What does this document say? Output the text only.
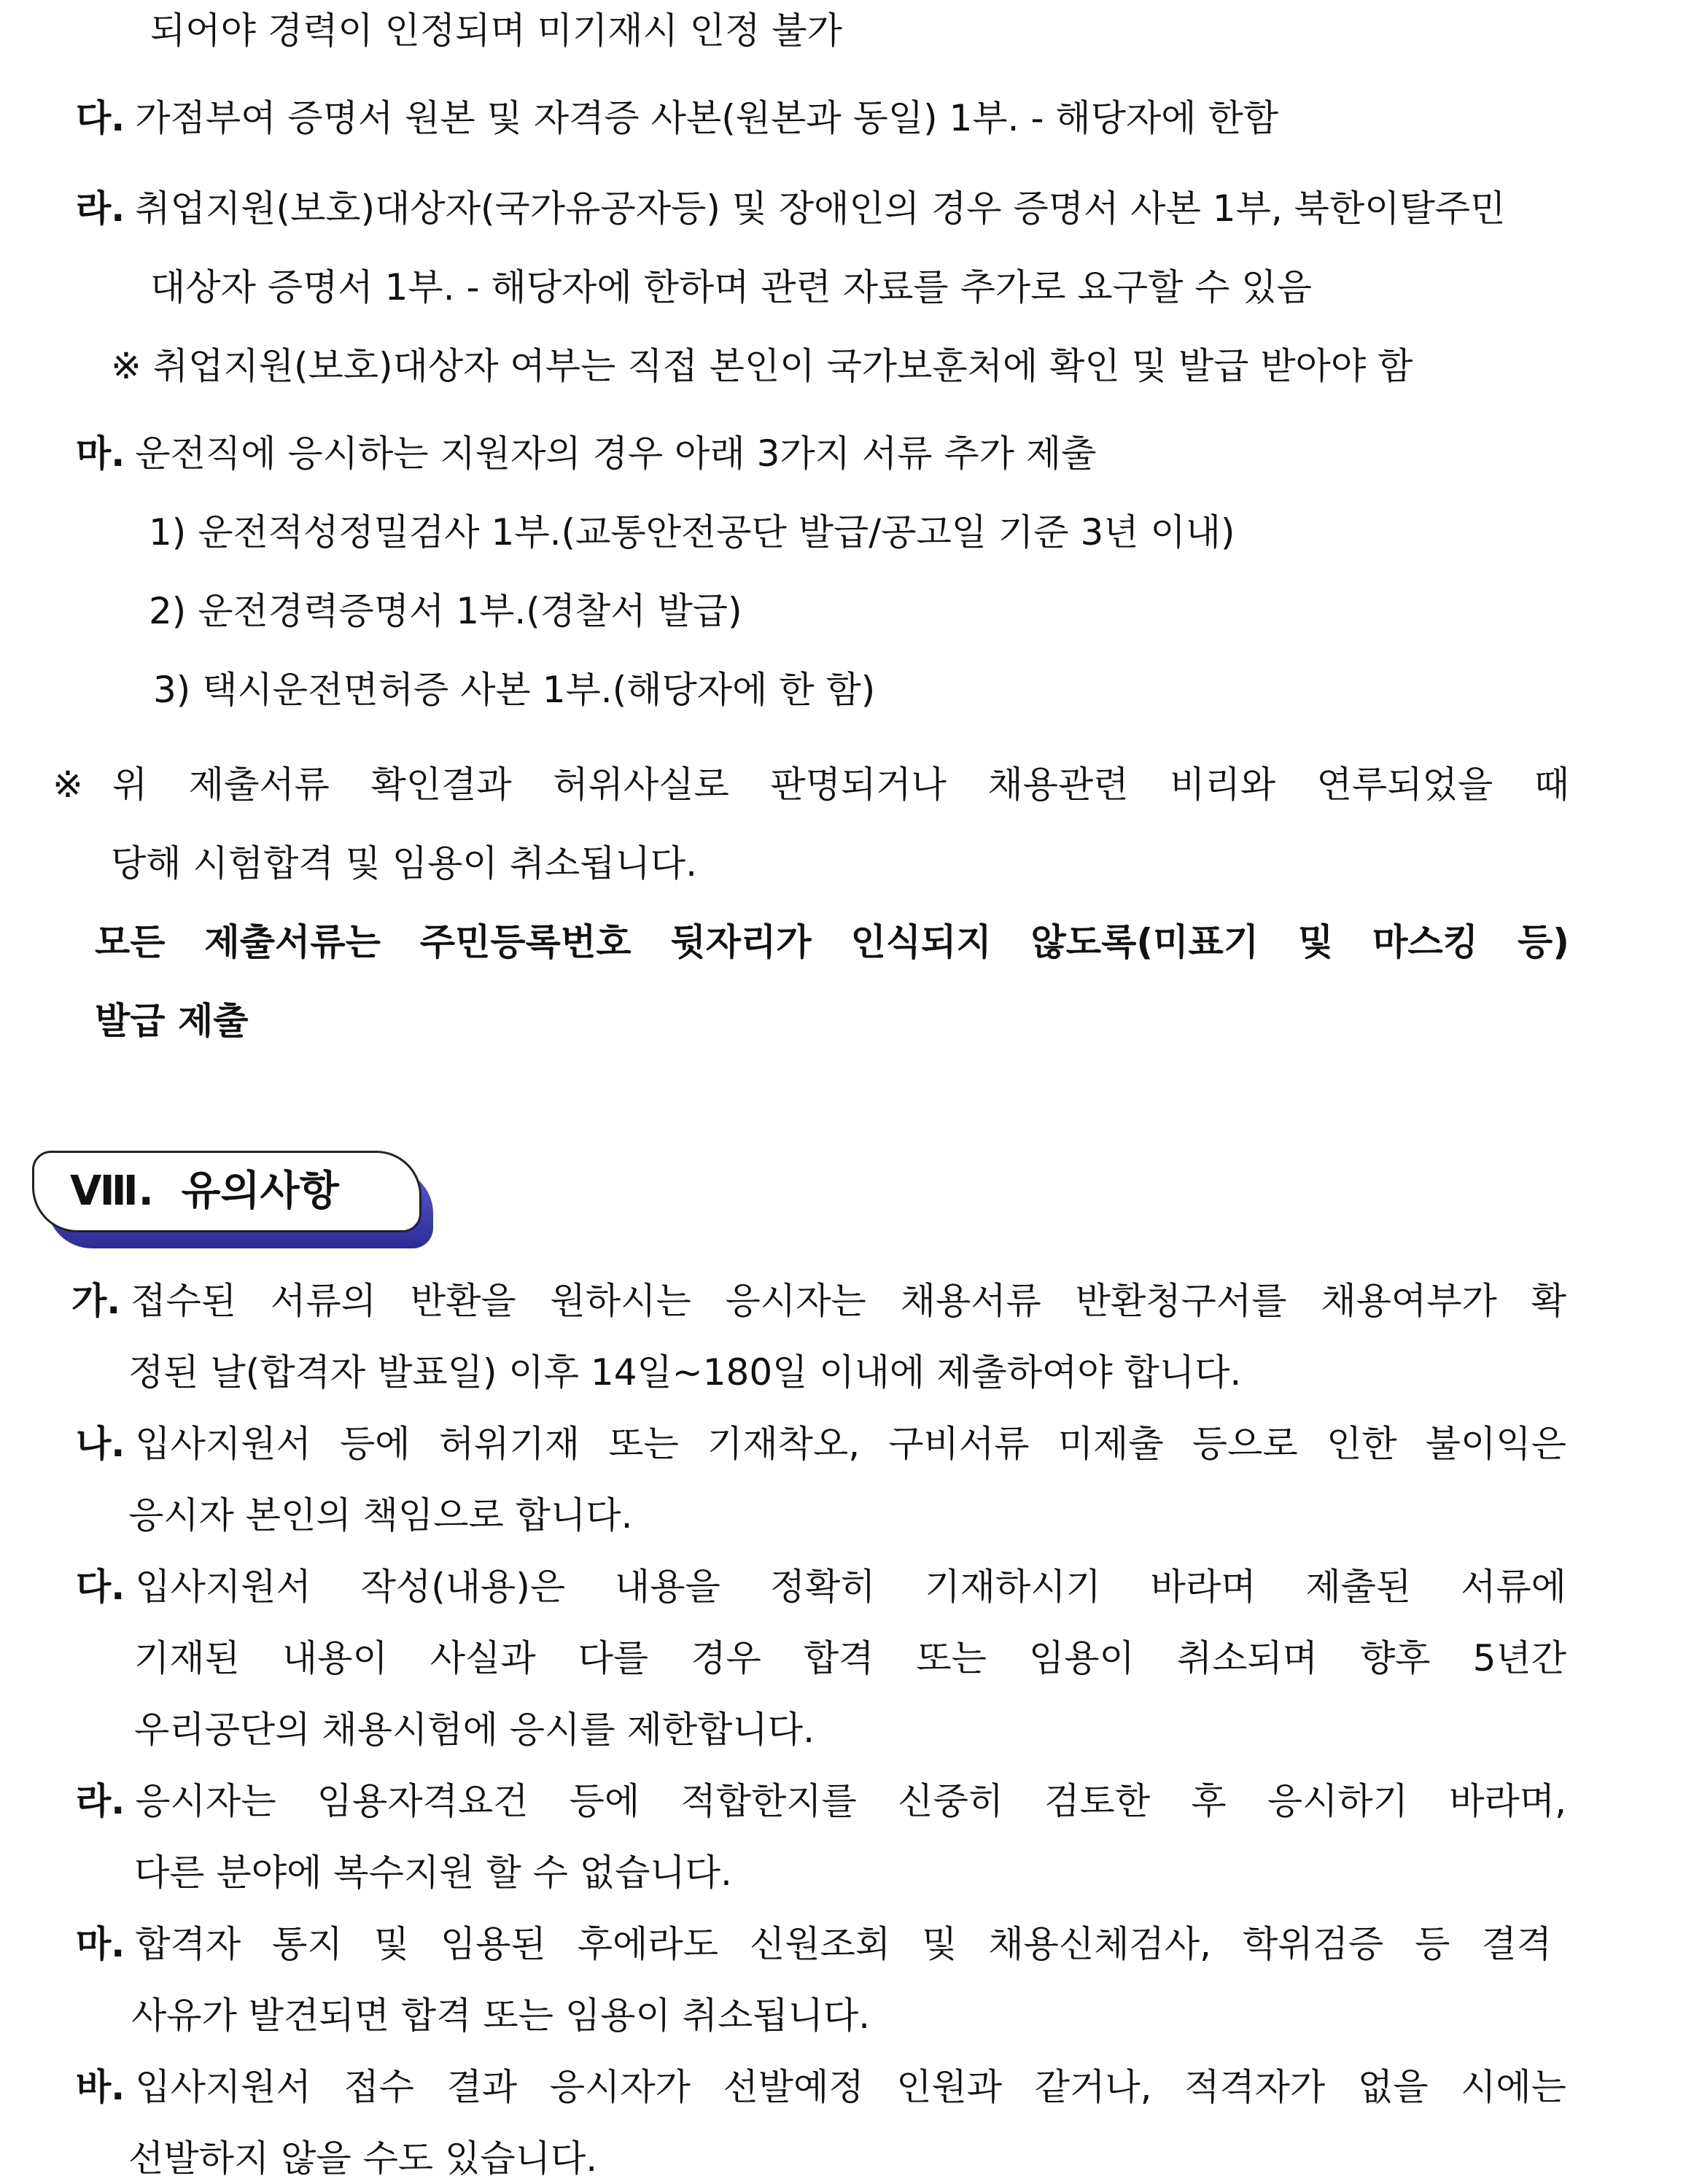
되어야 경력이 인정되며 미기재시 인정 불가

다. 가점부여 증명서 원본 및 자격증 사본(원본과 동일) 1부. - 해당자에 한함
라. 취업지원(보호)대상자(국가유공자등) 및 장애인의 경우 증명서 사본 1부, 북한이탈주민

대상자 증명서 1부. - 해당자에 한하며 관련 자료를 추가로 요구할 수 있음

※ 취업지원(보호)대상자 여부는 직접 본인이 국가보훈처에 확인 및 발급 받아야 함

마. 운전직에 응시하는 지원자의 경우 아래 3가지 서류 추가 제출

1) 운전적성정밀검사 1부.(교통안전공단 발급/공고일 기준 3년 이내)

2) 운전경력증명서 1부.(경찰서 발급)

3) 택시운전면허증 사본 1부.(해당자에 한 함)

※ 위 제출서류 확인결과 허위사실로 판명되거나 채용관련 비리와 연루되었을 때

당해 시험합격 및 임용이 취소됩니다.

모든 제출서류는 주민등록번호 뒷자리가 인식되지 않도록(미표기 및 마스킹 등)

발급 제출

Ⅷ. 유의사항
가. 접수된 서류의 반환을 원하시는 응시자는 채용서류 반환청구서를 채용여부가 확

정된 날(합격자 발표일) 이후 14일~180일 이내에 제출하여야 합니다.

나. 입사지원서 등에 허위기재 또는 기재착오, 구비서류 미제출 등으로 인한 불이익은

응시자 본인의 책임으로 합니다.

다. 입사지원서 작성(내용)은 내용을 정확히 기재하시기 바라며 제출된 서류에

기재된 내용이 사실과 다를 경우 합격 또는 임용이 취소되며 향후 5년간

우리공단의 채용시험에 응시를 제한합니다.

라. 응시자는 임용자격요건 등에 적합한지를 신중히 검토한 후 응시하기 바라며,

다른 분야에 복수지원 할 수 없습니다.

마. 합격자 통지 및 임용된 후에라도 신원조회 및 채용신체검사, 학위검증 등 결격

사유가 발견되면 합격 또는 임용이 취소됩니다.

바. 입사지원서 접수 결과 응시자가 선발예정 인원과 같거나, 적격자가 없을 시에는

선발하지 않을 수도 있습니다.
